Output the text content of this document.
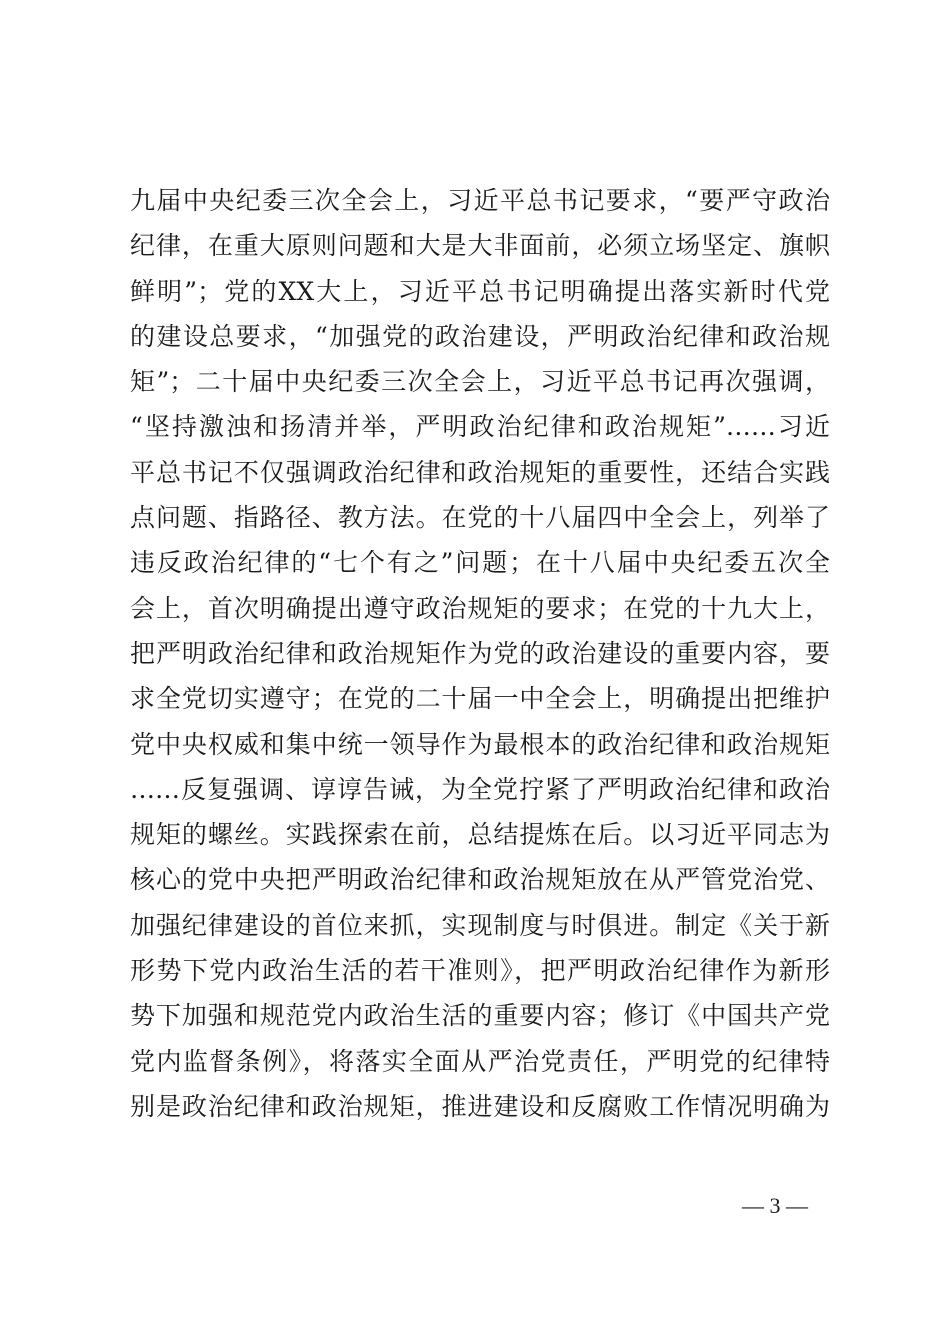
九届中央纪委三次全会上，习近平总书记要求，“要严守政治
纪律，在重大原则问题和大是大非面前，必须立场坚定、旗帜
鲜明”；党的XX大上，习近平总书记明确提出落实新时代党
的建设总要求，“加强党的政治建设，严明政治纪律和政治规
矩”；二十届中央纪委三次全会上，习近平总书记再次强调，
“坚持激浊和扬清并举，严明政治纪律和政治规矩”……习近
平总书记不仅强调政治纪律和政治规矩的重要性，还结合实践
点问题、指路径、教方法。在党的十八届四中全会上，列举了
违反政治纪律的“七个有之”问题；在十八届中央纪委五次全
会上，首次明确提出遵守政治规矩的要求；在党的十九大上，
把严明政治纪律和政治规矩作为党的政治建设的重要内容，要
求全党切实遵守；在党的二十届一中全会上，明确提出把维护
党中央权威和集中统一领导作为最根本的政治纪律和政治规矩
……反复强调、谆谆告诫，为全党拧紧了严明政治纪律和政治
规矩的螺丝。实践探索在前，总结提炼在后。以习近平同志为
核心的党中央把严明政治纪律和政治规矩放在从严管党治党、
加强纪律建设的首位来抓，实现制度与时俱进。制定《关于新
形势下党内政治生活的若干准则》，把严明政治纪律作为新形
势下加强和规范党内政治生活的重要内容；修订《中国共产党
党内监督条例》，将落实全面从严治党责任，严明党的纪律特
别是政治纪律和政治规矩，推进建设和反腐败工作情况明确为
— 3 —
